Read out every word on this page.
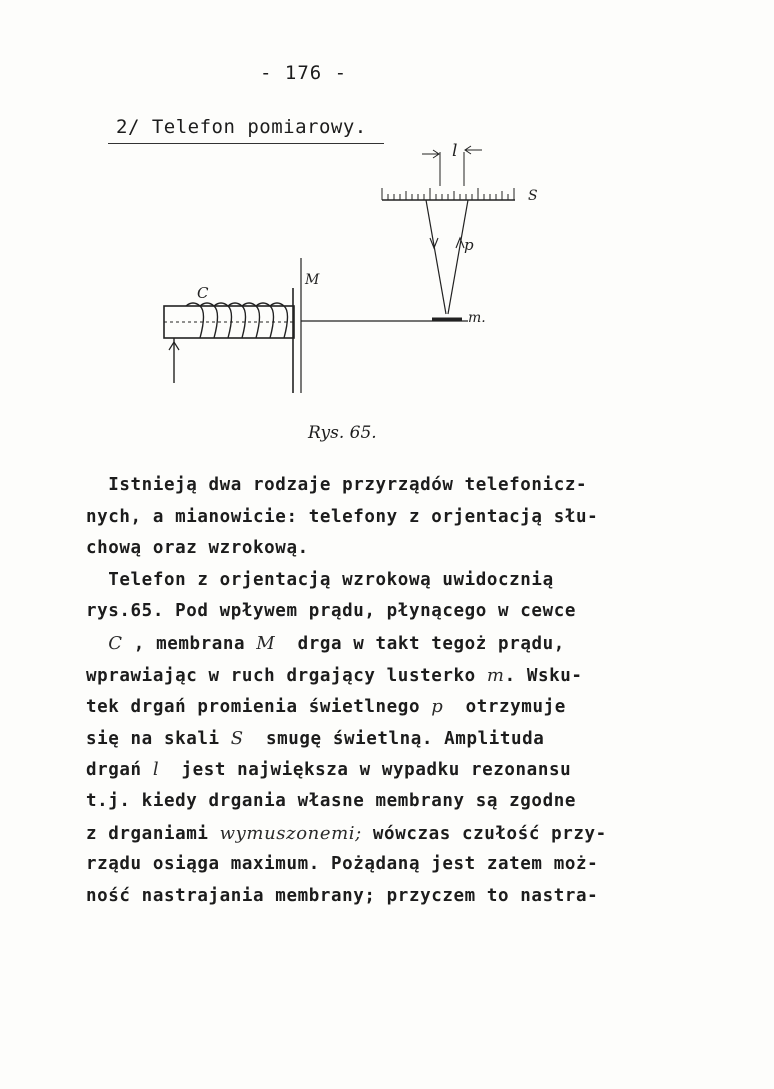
- 176 -
2/ Telefon pomiarowy.
C
M
l
S
p
m.
Rys. 65.
Istnieją dwa rodzaje przyrządów telefonicz-
nych, a mianowicie: telefony z orjentacją słu-
chową oraz wzrokową.
Telefon z orjentacją wzrokową uwidocznią
rys.65. Pod wpływem prądu, płynącego w cewce
C , membrana M drga w takt tegoż prądu,
wprawiając w ruch drgający lusterko m. Wsku-
tek drgań promienia świetlnego p otrzymuje
się na skali S smugę świetlną. Amplituda
drgań l jest największa w wypadku rezonansu
t.j. kiedy drgania własne membrany są zgodne
z drganiami wymuszonemi; wówczas czułość przy-
rządu osiąga maximum. Pożądaną jest zatem moż-
ność nastrajania membrany; przyczem to nastra-
